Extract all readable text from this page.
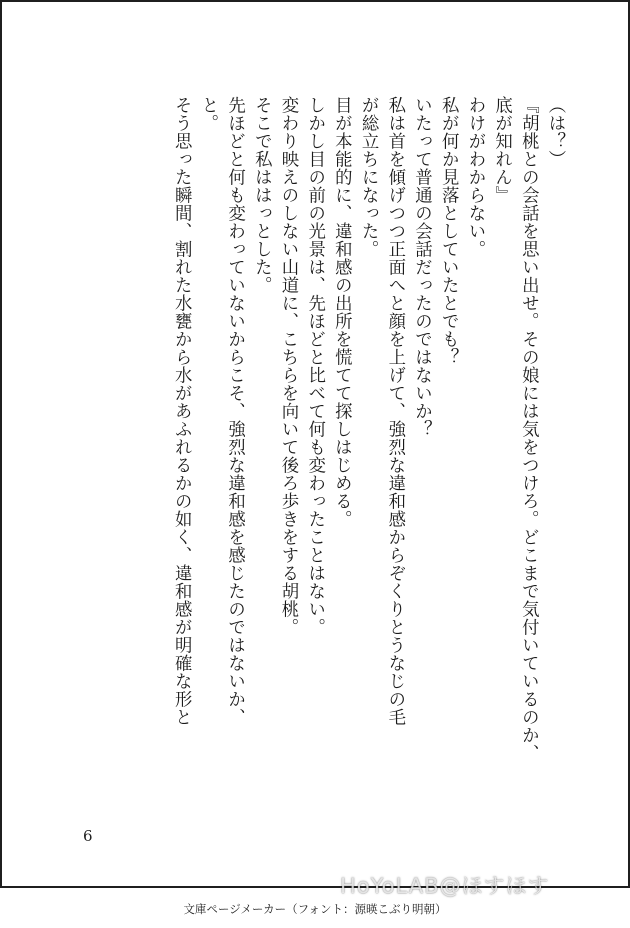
（は？）
『胡桃との会話を思い出せ。その娘には気をつけろ。どこまで気付いているのか、
底が知れん』
わけがわからない。
私が何か見落としていたとでも？
いたって普通の会話だったのではないか？
私は首を傾げつつ正面へと顔を上げて、強烈な違和感からぞくりとうなじの毛
が総立ちになった。
目が本能的に、違和感の出所を慌てて探しはじめる。
しかし目の前の光景は、先ほどと比べて何も変わったことはない。
変わり映えのしない山道に、こちらを向いて後ろ歩きをする胡桃。
そこで私ははっとした。
先ほどと何も変わっていないからこそ、強烈な違和感を感じたのではないか、
と。
そう思った瞬間、割れた水甕から水があふれるかの如く、違和感が明確な形と
6
HoYoLAB@ほすほす
文庫ページメーカー（フォント：源暎こぶり明朝）
